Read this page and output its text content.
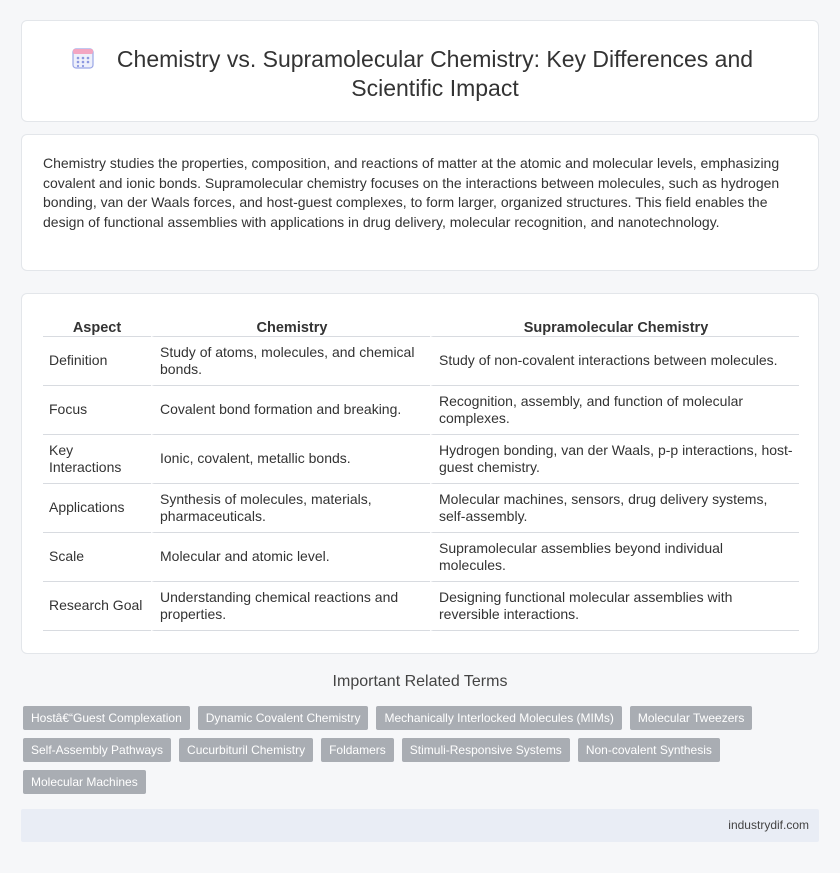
Chemistry vs. Supramolecular Chemistry: Key Differences and Scientific Impact

Chemistry studies the properties, composition, and reactions of matter at the atomic and molecular levels, emphasizing covalent and ionic bonds. Supramolecular chemistry focuses on the interactions between molecules, such as hydrogen bonding, van der Waals forces, and host-guest complexes, to form larger, organized structures. This field enables the design of functional assemblies with applications in drug delivery, molecular recognition, and nanotechnology.

Aspect	Chemistry	Supramolecular Chemistry
Definition	Study of atoms, molecules, and chemical bonds.	Study of non-covalent interactions between molecules.
Focus	Covalent bond formation and breaking.	Recognition, assembly, and function of molecular complexes.
Key Interactions	Ionic, covalent, metallic bonds.	Hydrogen bonding, van der Waals, p-p interactions, host-guest chemistry.
Applications	Synthesis of molecules, materials, pharmaceuticals.	Molecular machines, sensors, drug delivery systems, self-assembly.
Scale	Molecular and atomic level.	Supramolecular assemblies beyond individual molecules.
Research Goal	Understanding chemical reactions and properties.	Designing functional molecular assemblies with reversible interactions.
Important Related Terms
Hostâ€“Guest Complexation	Dynamic Covalent Chemistry	Mechanically Interlocked Molecules (MIMs)	Molecular Tweezers
Self-Assembly Pathways	Cucurbituril Chemistry	Foldamers	Stimuli-Responsive Systems	Non-covalent Synthesis
Molecular Machines
industrydif.com
